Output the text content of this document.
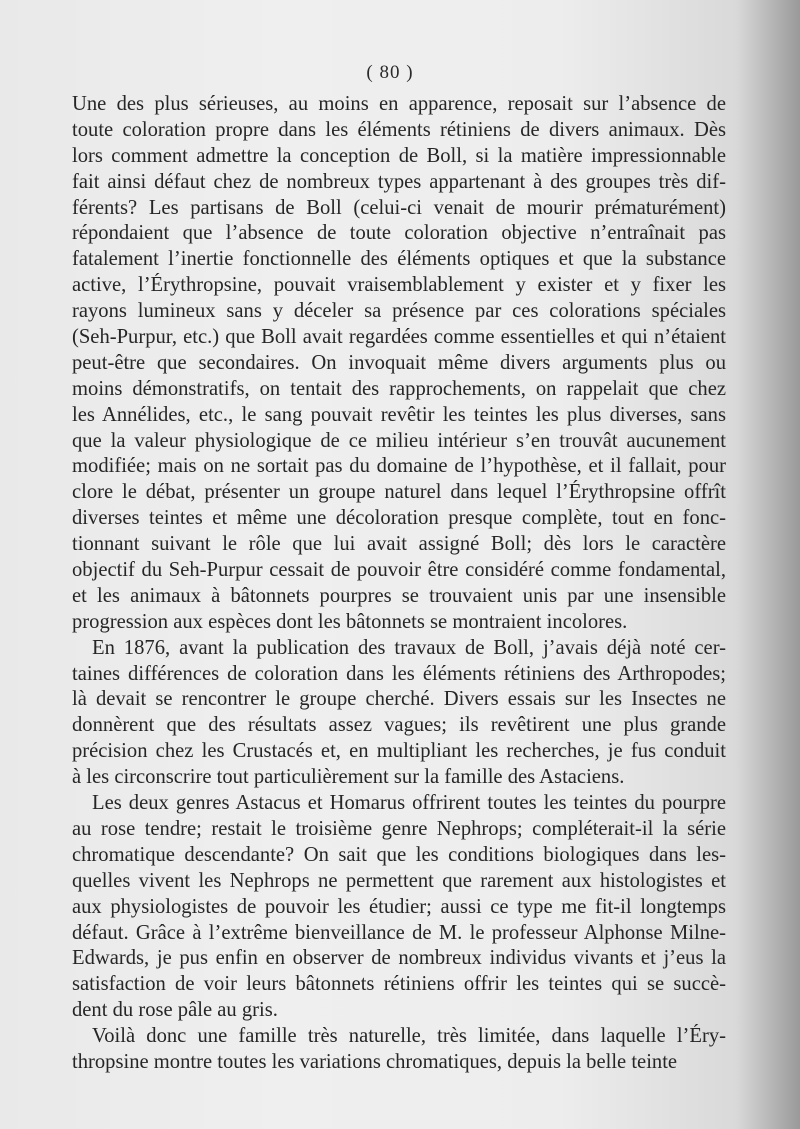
( 80 )
Une des plus sérieuses, au moins en apparence, reposait sur l’absence de
toute coloration propre dans les éléments rétiniens de divers animaux. Dès
lors comment admettre la conception de Boll, si la matière impressionnable
fait ainsi défaut chez de nombreux types appartenant à des groupes très dif-
férents? Les partisans de Boll (celui-ci venait de mourir prématurément)
répondaient que l’absence de toute coloration objective n’entraînait pas
fatalement l’inertie fonctionnelle des éléments optiques et que la substance
active, l’Érythropsine, pouvait vraisemblablement y exister et y fixer les
rayons lumineux sans y déceler sa présence par ces colorations spéciales
(Seh-Purpur, etc.) que Boll avait regardées comme essentielles et qui n’étaient
peut-être que secondaires. On invoquait même divers arguments plus ou
moins démonstratifs, on tentait des rapprochements, on rappelait que chez
les Annélides, etc., le sang pouvait revêtir les teintes les plus diverses, sans
que la valeur physiologique de ce milieu intérieur s’en trouvât aucunement
modifiée; mais on ne sortait pas du domaine de l’hypothèse, et il fallait, pour
clore le débat, présenter un groupe naturel dans lequel l’Érythropsine offrît
diverses teintes et même une décoloration presque complète, tout en fonc-
tionnant suivant le rôle que lui avait assigné Boll; dès lors le caractère
objectif du Seh-Purpur cessait de pouvoir être considéré comme fondamental,
et les animaux à bâtonnets pourpres se trouvaient unis par une insensible
progression aux espèces dont les bâtonnets se montraient incolores.
En 1876, avant la publication des travaux de Boll, j’avais déjà noté cer-
taines différences de coloration dans les éléments rétiniens des Arthropodes;
là devait se rencontrer le groupe cherché. Divers essais sur les Insectes ne
donnèrent que des résultats assez vagues; ils revêtirent une plus grande
précision chez les Crustacés et, en multipliant les recherches, je fus conduit
à les circonscrire tout particulièrement sur la famille des Astaciens.
Les deux genres Astacus et Homarus offrirent toutes les teintes du pourpre
au rose tendre; restait le troisième genre Nephrops; compléterait-il la série
chromatique descendante? On sait que les conditions biologiques dans les-
quelles vivent les Nephrops ne permettent que rarement aux histologistes et
aux physiologistes de pouvoir les étudier; aussi ce type me fit-il longtemps
défaut. Grâce à l’extrême bienveillance de M. le professeur Alphonse Milne-
Edwards, je pus enfin en observer de nombreux individus vivants et j’eus la
satisfaction de voir leurs bâtonnets rétiniens offrir les teintes qui se succè-
dent du rose pâle au gris.
Voilà donc une famille très naturelle, très limitée, dans laquelle l’Éry-
thropsine montre toutes les variations chromatiques, depuis la belle teinte
